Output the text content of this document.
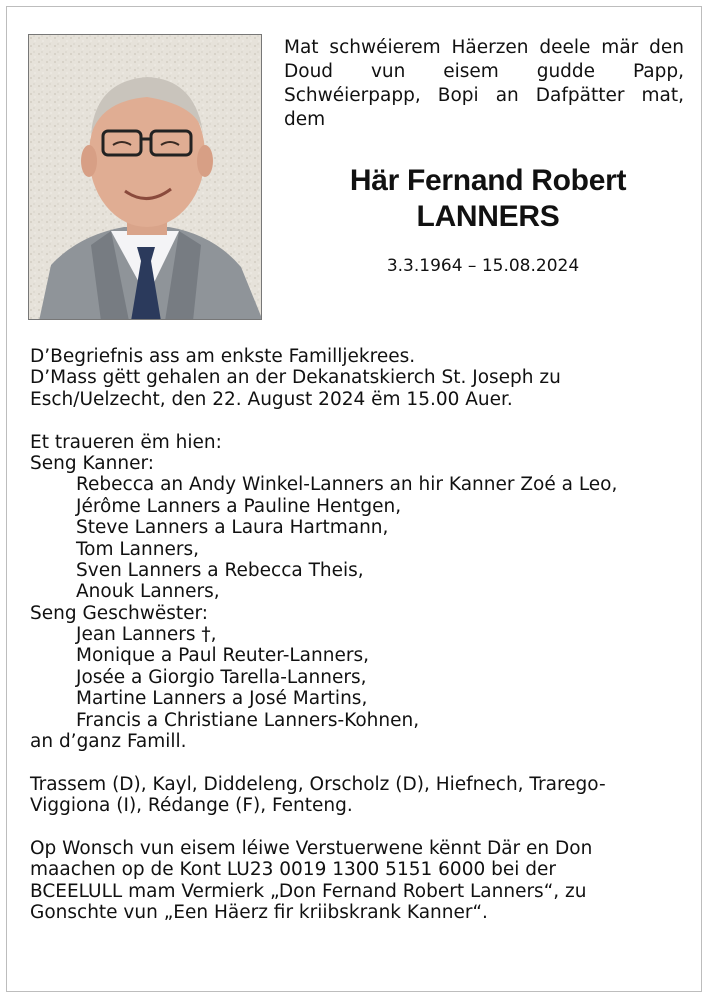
Mat schwéierem Häerzen deele mär den Doud vun eisem gudde Papp, Schwéierpapp, Bopi an Dafpätter mat, dem
Här Fernand Robert
LANNERS
3.3.1964 – 15.08.2024
D’Begriefnis ass am enkste Familljekrees.
D’Mass gëtt gehalen an der Dekanatskierch St. Joseph zu
Esch/Uelzecht, den 22. August 2024 ëm 15.00 Auer.
Et traueren ëm hien:
Seng Kanner:
Rebecca an Andy Winkel-Lanners an hir Kanner Zoé a Leo,
Jérôme Lanners a Pauline Hentgen,
Steve Lanners a Laura Hartmann,
Tom Lanners,
Sven Lanners a Rebecca Theis,
Anouk Lanners,
Seng Geschwëster:
Jean Lanners †,
Monique a Paul Reuter-Lanners,
Josée a Giorgio Tarella-Lanners,
Martine Lanners a José Martins,
Francis a Christiane Lanners-Kohnen,
an d’ganz Famill.
Trassem (D), Kayl, Diddeleng, Orscholz (D), Hiefnech, Trarego-
Viggiona (I), Rédange (F), Fenteng.
Op Wonsch vun eisem léiwe Verstuerwene kënnt Där en Don
maachen op de Kont LU23 0019 1300 5151 6000 bei der
BCEELULL mam Vermierk „Don Fernand Robert Lanners“, zu
Gonschte vun „Een Häerz fir kriibskrank Kanner“.
